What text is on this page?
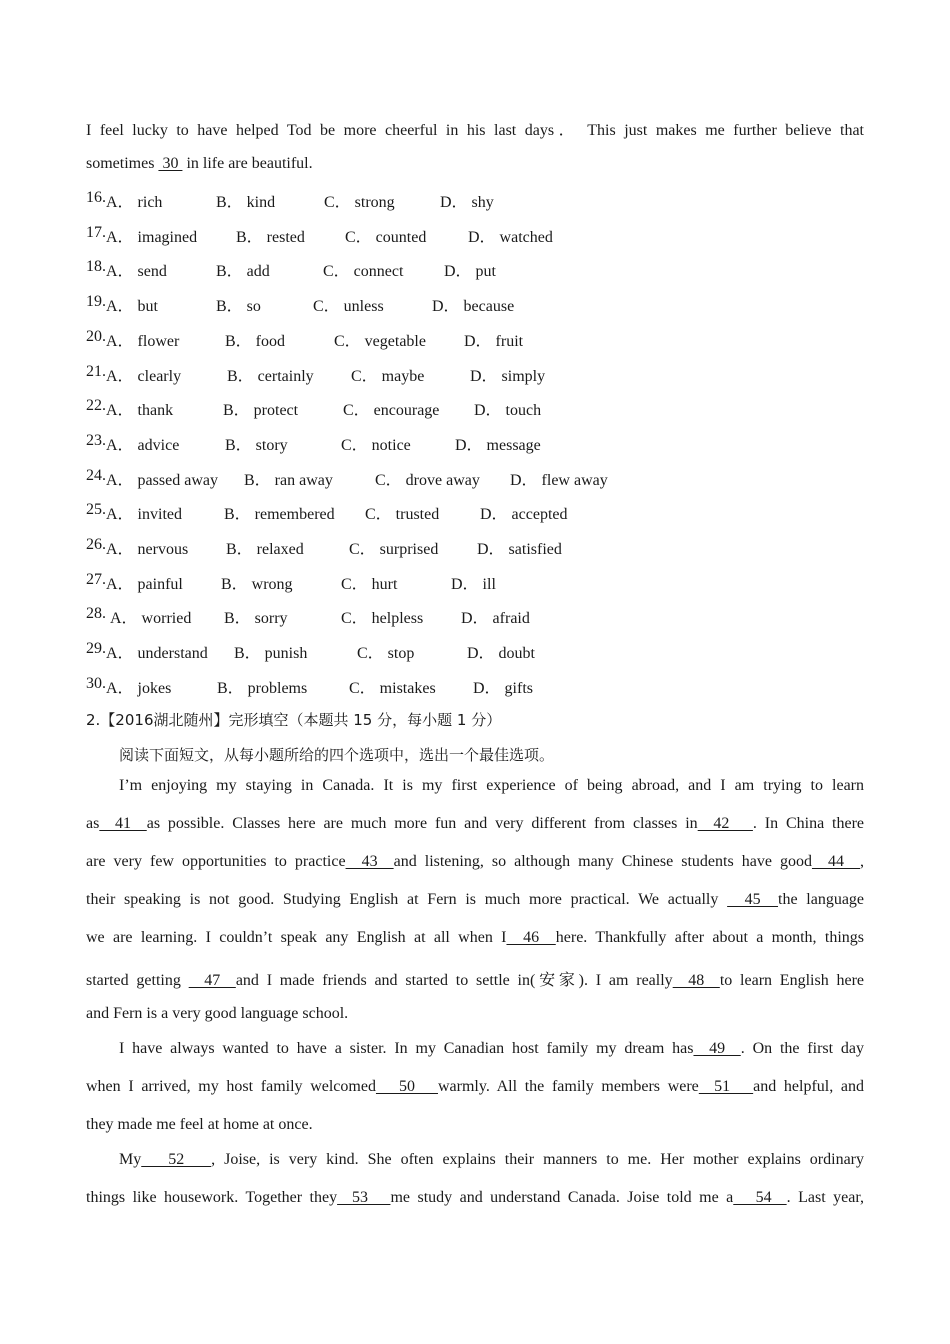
I feel lucky to have helped Tod be more cheerful in his last days． This just makes me further believe that
sometimes  30  in life are beautiful.
16. A． rich	B． kind	C． strong	D． shy
17. A． imagined B． rested	C． counted	D． watched
18. A． send	B． add	C． connect	D． put
19. A． but	B． so	C． unless	D． because
20. A． flower	B． food	C． vegetable D． fruit
21. A． clearly	B． certainly C． maybe	D． simply
22. A． thank	B． protect	C． encourage D． touch
23. A． advice	B． story	C． notice	D． message
24. A． passed away B． ran away	C． drove away D． flew away
25. A． invited	B． remembered C． trusted	D． accepted
26. A． nervous B． relaxed	C． surprised D． satisfied
27. A． painful B． wrong	C． hurt	D． ill
28. A． worried B． sorry	C． helpless D． afraid
29. A． understand B． punish	C． stop	D． doubt
30. A． jokes	B． problems	C． mistakes D． gifts
2.【2016湖北随州】完形填空（本题共 15 分，每小题 1 分）
阅读下面短文，从每小题所给的四个选项中，选出一个最佳选项。
I’m enjoying my staying in Canada. It is my first experience of being abroad, and I am trying to learn
as  41  as possible. Classes here are much more fun and very different from classes in  42   . In China there
are very few opportunities to practice  43  and listening, so although many Chinese students have good  44  ,
their speaking is not good. Studying English at Fern is much more practical. We actually   45  the language
we are learning. I couldn’t speak any English at all when I  46  here. Thankfully after about a month, things
started getting   47  and I made friends and started to settle in(安家). I am really  48  to learn English here
and Fern is a very good language school.
I have always wanted to have a sister. In my Canadian host family my dream has  49  . On the first day
when I arrived, my host family welcomed   50   warmly. All the family members were  51   and helpful, and
they made me feel at home at once.
My   52   , Joise, is very kind. She often explains their manners to me. Her mother explains ordinary
things like housework. Together they  53   me study and understand Canada. Joise told me a   54  . Last year,
